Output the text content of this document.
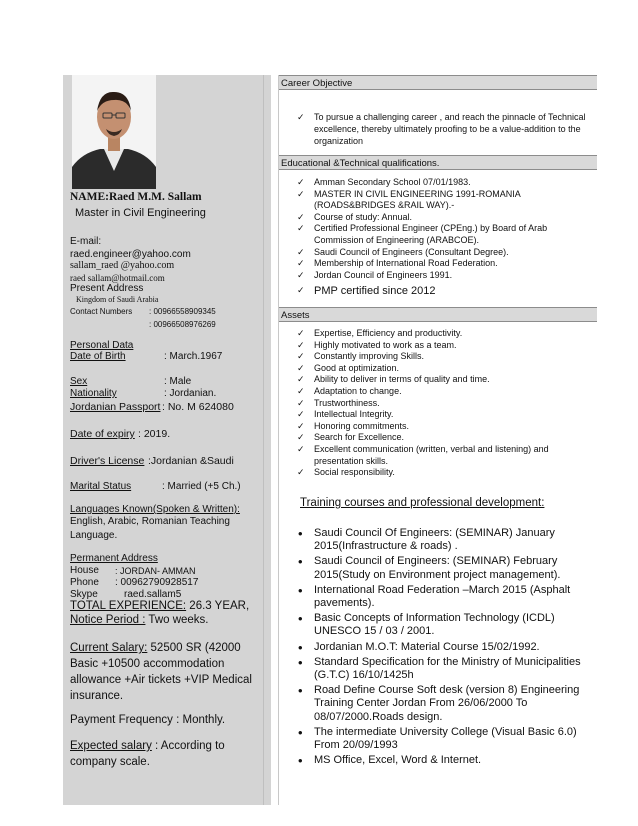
NAME:Raed M.M. Sallam
Master in Civil Engineering
E-mail:
raed.engineer@yahoo.com
sallam_raed @yahoo.com
raed sallam@hotmail.com
Present Address
Kingdom of Saudi Arabia
Contact Numbers : 00966558909345
: 00966508976269
Personal Data
Date of Birth	: March.1967
Sex	: Male
Nationality	: Jordanian.
Jordanian Passport : No. M 624080
Date of expiry : 2019.
Driver's License :Jordanian &Saudi
Marital Status	: Married (+5 Ch.)
Languages Known(Spoken & Written):
English, Arabic, Romanian Teaching
Language.
Permanent Address
House : JORDAN- AMMAN
Phone : 00962790928517
Skype	raed.sallam5
TOTAL EXPERIENCE: 26.3 YEAR,
Notice Period : Two weeks.
Current Salary: 52500 SR (42000
Basic +10500 accommodation
allowance +Air tickets +VIP Medical
insurance.
Payment Frequency : Monthly.
Expected salary : According to
company scale.
Career Objective
✓ To pursue a challenging career , and reach the pinnacle of Technical excellence, thereby ultimately proofing to be a value-addition to the organization
Educational &Technical qualifications.
✓ Amman Secondary School 07/01/1983.
✓ MASTER IN CIVIL ENGINEERING 1991-ROMANIA (ROADS&BRIDGES &RAIL WAY).-
✓ Course of study: Annual.
✓ Certified Professional Engineer (CPEng.) by Board of Arab Commission of Engineering (ARABCOE).
✓ Saudi Council of Engineers (Consultant Degree).
✓ Membership of International Road Federation.
✓ Jordan Council of Engineers 1991.
✓ PMP certified since 2012
Assets
✓ Expertise, Efficiency and productivity.
✓ Highly motivated to work as a team.
✓ Constantly improving Skills.
✓ Good at optimization.
✓ Ability to deliver in terms of quality and time.
✓ Adaptation to change.
✓ Trustworthiness.
✓ Intellectual Integrity.
✓ Honoring commitments.
✓ Search for Excellence.
✓ Excellent communication (written, verbal and listening) and presentation skills.
✓ Social responsibility.
Training courses and professional development:
• Saudi Council Of Engineers: (SEMINAR) January 2015(Infrastructure & roads) .
• Saudi Council of Engineers: (SEMINAR) February 2015(Study on Environment project management).
• International Road Federation –March 2015 (Asphalt pavements).
• Basic Concepts of Information Technology (ICDL) UNESCO 15 / 03 / 2001.
• Jordanian M.O.T: Material Course 15/02/1992.
• Standard Specification for the Ministry of Municipalities (G.T.C) 16/10/1425h
• Road Define Course Soft desk (version 8) Engineering Training Center Jordan From 26/06/2000 To 08/07/2000.Roads design.
• The intermediate University College (Visual Basic 6.0) From 20/09/1993
• MS Office, Excel, Word & Internet.
